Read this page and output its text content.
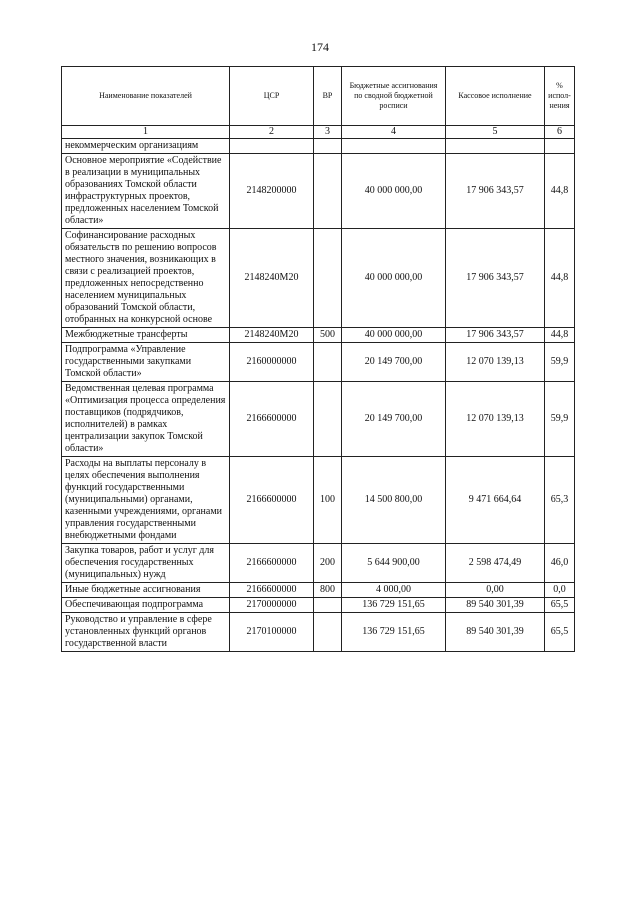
174
Наименование показателей	ЦСР	ВР	Бюджетные ассигнования по сводной бюджетной росписи	Кассовое исполнение	% испол-нения
1	2	3	4	5	6
некоммерческим организациям					
Основное мероприятие «Содействие в реализации в муниципальных образованиях Томской области инфраструктурных проектов, предложенных населением Томской области»	2148200000		40 000 000,00	17 906 343,57	44,8
Софинансирование расходных обязательств по решению вопросов местного значения, возникающих в связи с реализацией проектов, предложенных непосредственно населением муниципальных образований Томской области, отобранных на конкурсной основе	2148240М20		40 000 000,00	17 906 343,57	44,8
Межбюджетные трансферты	2148240М20	500	40 000 000,00	17 906 343,57	44,8
Подпрограмма «Управление государственными закупками Томской области»	2160000000		20 149 700,00	12 070 139,13	59,9
Ведомственная целевая программа «Оптимизация процесса определения поставщиков (подрядчиков, исполнителей) в рамках централизации закупок Томской области»	2166600000		20 149 700,00	12 070 139,13	59,9
Расходы на выплаты персоналу в целях обеспечения выполнения функций государственными (муниципальными) органами, казенными учреждениями, органами управления государственными внебюджетными фондами	2166600000	100	14 500 800,00	9 471 664,64	65,3
Закупка товаров, работ и услуг для обеспечения государственных (муниципальных) нужд	2166600000	200	5 644 900,00	2 598 474,49	46,0
Иные бюджетные ассигнования	2166600000	800	4 000,00	0,00	0,0
Обеспечивающая подпрограмма	2170000000		136 729 151,65	89 540 301,39	65,5
Руководство и управление в сфере установленных функций органов государственной власти	2170100000		136 729 151,65	89 540 301,39	65,5
